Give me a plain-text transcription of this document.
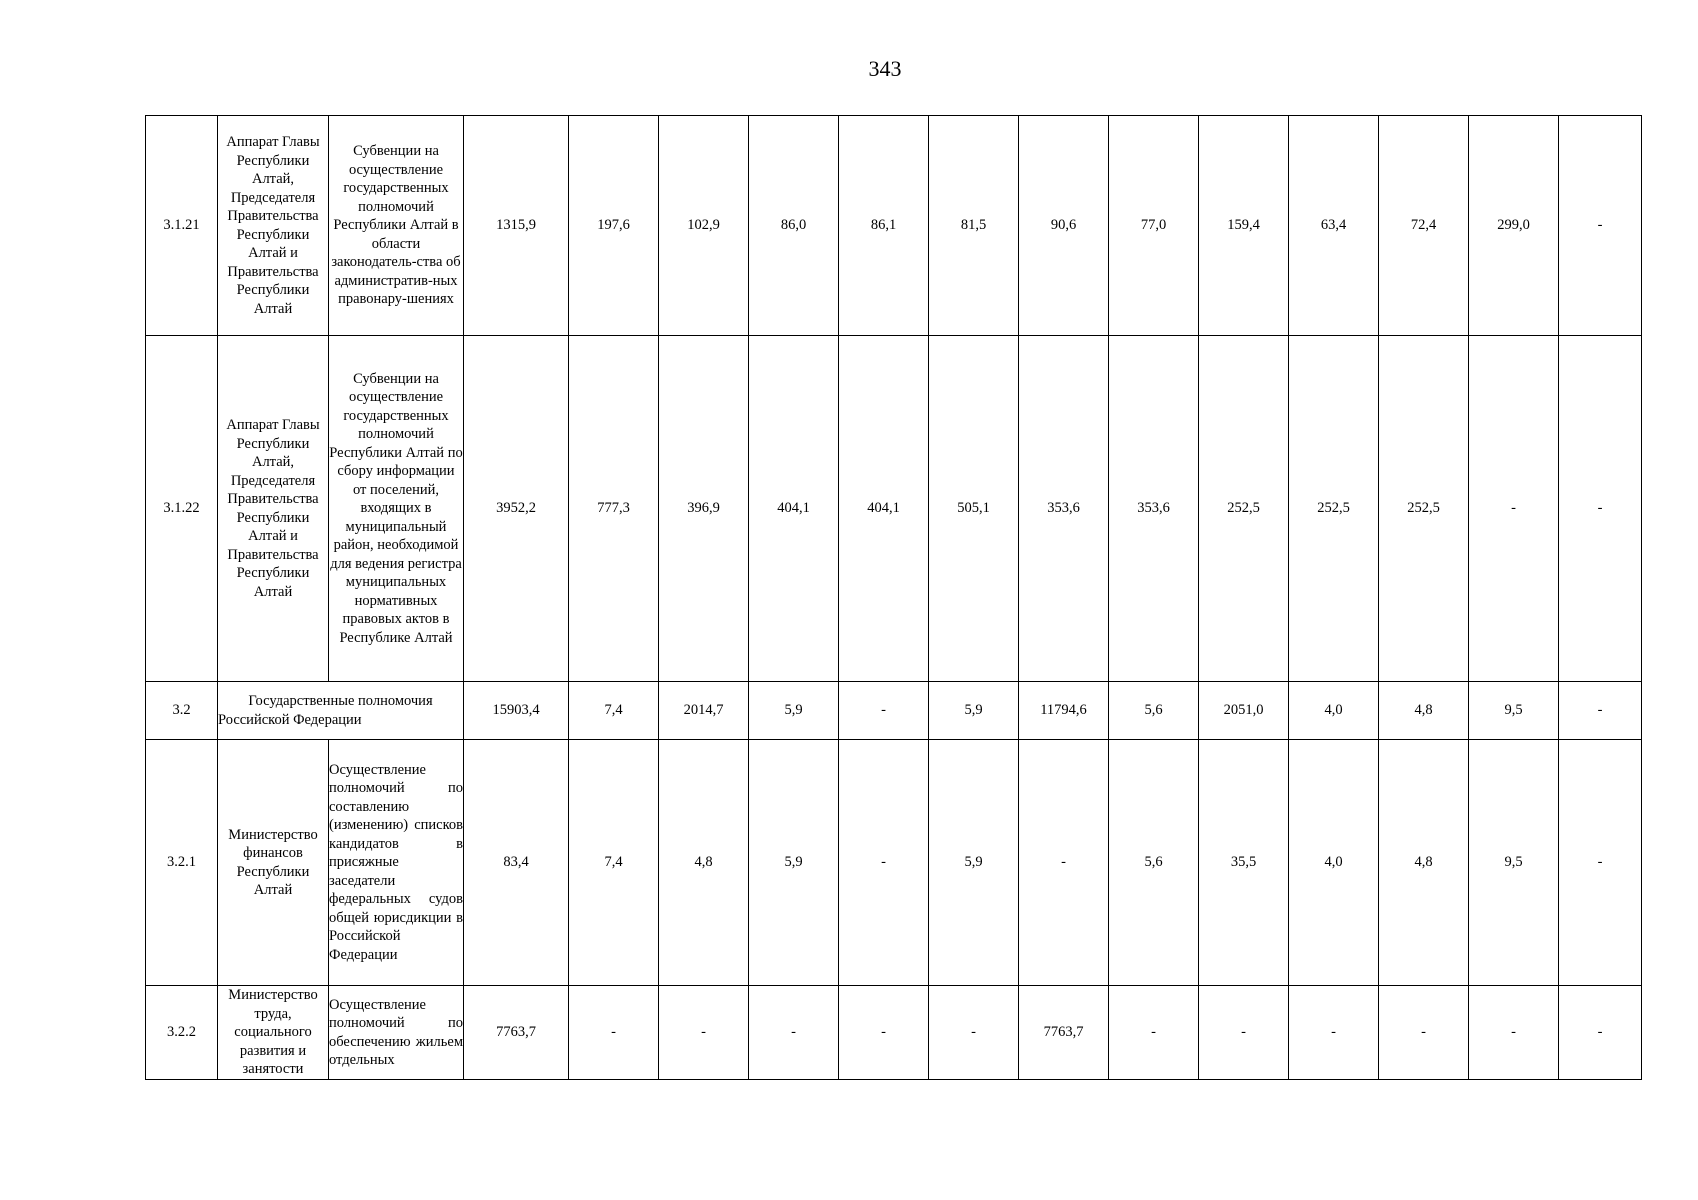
343
3.1.21	Аппарат Главы Республики Алтай, Председателя Правительства Республики Алтай и Правительства Республики Алтай	Субвенции на осуществление государственных полномочий Республики Алтай в области законодатель-ства об административ-ных правонару-шениях	1315,9	197,6	102,9	86,0	86,1	81,5	90,6	77,0	159,4	63,4	72,4	299,0	-
3.1.22	Аппарат Главы Республики Алтай, Председателя Правительства Республики Алтай и Правительства Республики Алтай	Субвенции на осуществление государственных полномочий Республики Алтай по сбору информации от поселений, входящих в муниципальный район, необходимой для ведения регистра муниципальных нормативных правовых актов в Республике Алтай	3952,2	777,3	396,9	404,1	404,1	505,1	353,6	353,6	252,5	252,5	252,5	-	-
3.2	Государственные полномочия Российской Федерации		15903,4	7,4	2014,7	5,9	-	5,9	11794,6	5,6	2051,0	4,0	4,8	9,5	-
3.2.1	Министерство финансов Республики Алтай	Осуществление полномочий по составлению (изменению) списков кандидатов в присяжные заседатели федеральных судов общей юрисдикции в Российской Федерации	83,4	7,4	4,8	5,9	-	5,9	-	5,6	35,5	4,0	4,8	9,5	-
3.2.2	Министерство труда, социального развития и занятости	Осуществление полномочий по обеспечению жильем отдельных	7763,7	-	-	-	-	-	7763,7	-	-	-	-	-	-
